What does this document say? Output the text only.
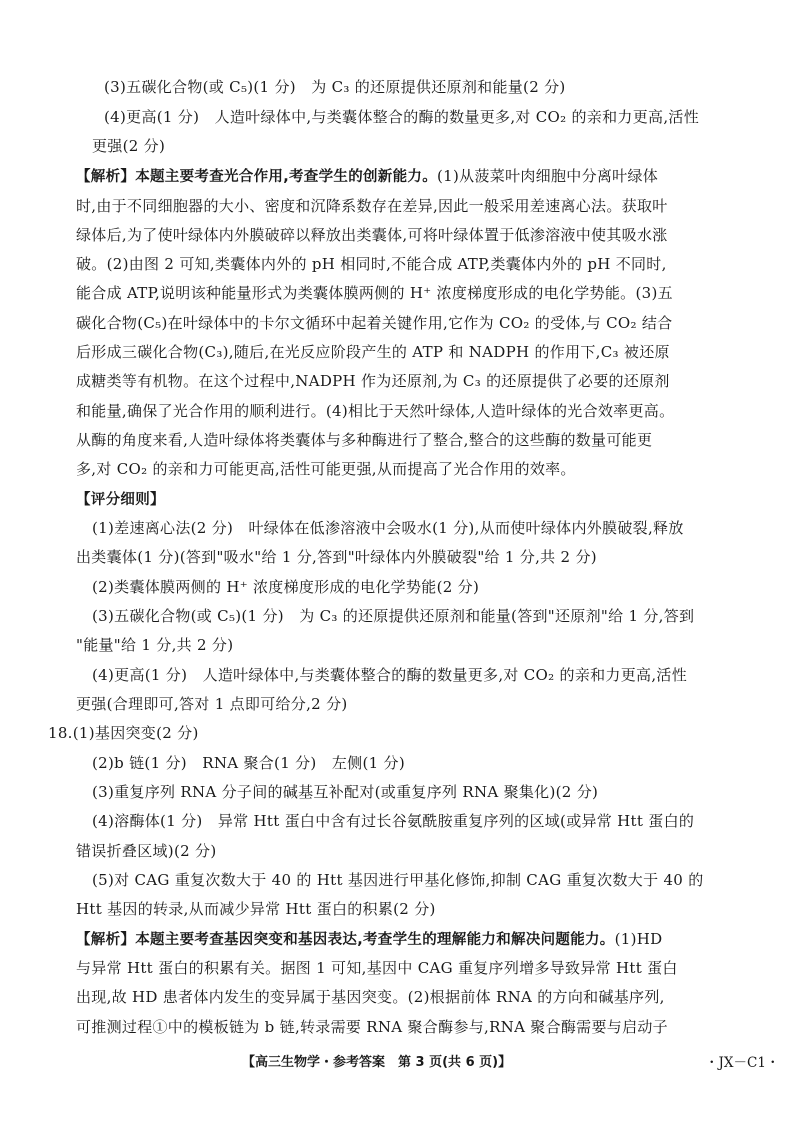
(3)五碳化合物(或 C₅)(1 分)　为 C₃ 的还原提供还原剂和能量(2 分)
(4)更高(1 分)　人造叶绿体中,与类囊体整合的酶的数量更多,对 CO₂ 的亲和力更高,活性
更强(2 分)
【解析】本题主要考查光合作用,考查学生的创新能力。(1)从菠菜叶肉细胞中分离叶绿体
时,由于不同细胞器的大小、密度和沉降系数存在差异,因此一般采用差速离心法。获取叶
绿体后,为了使叶绿体内外膜破碎以释放出类囊体,可将叶绿体置于低渗溶液中使其吸水涨
破。(2)由图 2 可知,类囊体内外的 pH 相同时,不能合成 ATP,类囊体内外的 pH 不同时,
能合成 ATP,说明该种能量形式为类囊体膜两侧的 H⁺ 浓度梯度形成的电化学势能。(3)五
碳化合物(C₅)在叶绿体中的卡尔文循环中起着关键作用,它作为 CO₂ 的受体,与 CO₂ 结合
后形成三碳化合物(C₃),随后,在光反应阶段产生的 ATP 和 NADPH 的作用下,C₃ 被还原
成糖类等有机物。在这个过程中,NADPH 作为还原剂,为 C₃ 的还原提供了必要的还原剂
和能量,确保了光合作用的顺利进行。(4)相比于天然叶绿体,人造叶绿体的光合效率更高。
从酶的角度来看,人造叶绿体将类囊体与多种酶进行了整合,整合的这些酶的数量可能更
多,对 CO₂ 的亲和力可能更高,活性可能更强,从而提高了光合作用的效率。
【评分细则】
(1)差速离心法(2 分)　叶绿体在低渗溶液中会吸水(1 分),从而使叶绿体内外膜破裂,释放
出类囊体(1 分)(答到"吸水"给 1 分,答到"叶绿体内外膜破裂"给 1 分,共 2 分)
(2)类囊体膜两侧的 H⁺ 浓度梯度形成的电化学势能(2 分)
(3)五碳化合物(或 C₅)(1 分)　为 C₃ 的还原提供还原剂和能量(答到"还原剂"给 1 分,答到
"能量"给 1 分,共 2 分)
(4)更高(1 分)　人造叶绿体中,与类囊体整合的酶的数量更多,对 CO₂ 的亲和力更高,活性
更强(合理即可,答对 1 点即可给分,2 分)
18.(1)基因突变(2 分)
(2)b 链(1 分)　RNA 聚合(1 分)　左侧(1 分)
(3)重复序列 RNA 分子间的碱基互补配对(或重复序列 RNA 聚集化)(2 分)
(4)溶酶体(1 分)　异常 Htt 蛋白中含有过长谷氨酰胺重复序列的区域(或异常 Htt 蛋白的
错误折叠区域)(2 分)
(5)对 CAG 重复次数大于 40 的 Htt 基因进行甲基化修饰,抑制 CAG 重复次数大于 40 的
Htt 基因的转录,从而减少异常 Htt 蛋白的积累(2 分)
【解析】本题主要考查基因突变和基因表达,考查学生的理解能力和解决问题能力。(1)HD
与异常 Htt 蛋白的积累有关。据图 1 可知,基因中 CAG 重复序列增多导致异常 Htt 蛋白
出现,故 HD 患者体内发生的变异属于基因突变。(2)根据前体 RNA 的方向和碱基序列,
可推测过程①中的模板链为 b 链,转录需要 RNA 聚合酶参与,RNA 聚合酶需要与启动子
【高三生物学・参考答案　第 3 页(共 6 页)】	・JX－C1・
